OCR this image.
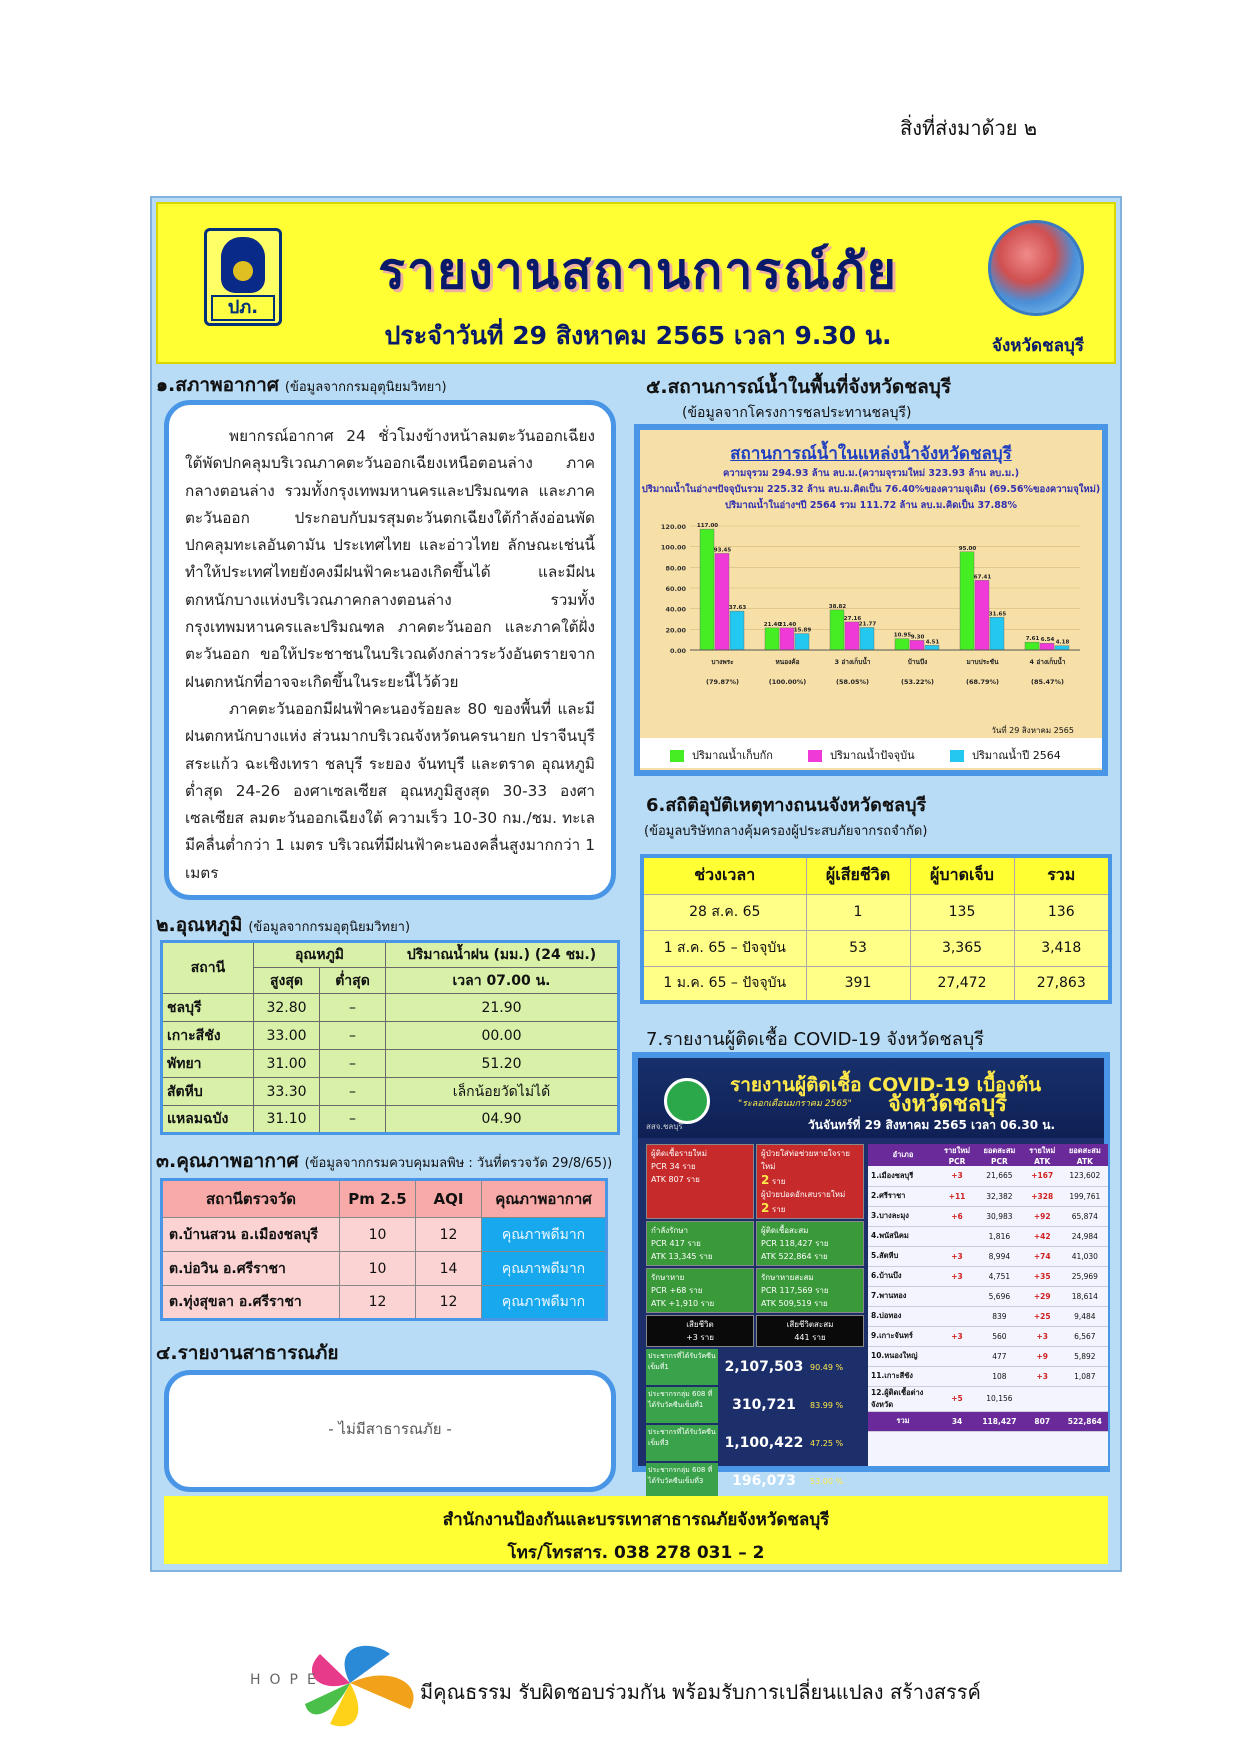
สิ่งที่ส่งมาด้วย ๒
ปภ.
รายงานสถานการณ์ภัย
ประจำวันที่ 29 สิงหาคม 2565 เวลา 9.30 น.	จังหวัดชลบุรี
๑.สภาพอากาศ (ข้อมูลจากกรมอุตุนิยมวิทยา)

พยากรณ์อากาศ 24 ชั่วโมงข้างหน้าลมตะวันออกเฉียงใต้พัดปกคลุมบริเวณภาคตะวันออกเฉียงเหนือตอนล่าง ภาคกลางตอนล่าง รวมทั้งกรุงเทพมหานครและปริมณฑล และภาคตะวันออก ประกอบกับมรสุมตะวันตกเฉียงใต้กำลังอ่อนพัดปกคลุมทะเลอันดามัน ประเทศไทย และอ่าวไทย ลักษณะเช่นนี้ทำให้ประเทศไทยยังคงมีฝนฟ้าคะนองเกิดขึ้นได้ และมีฝนตกหนักบางแห่งบริเวณภาคกลางตอนล่าง รวมทั้งกรุงเทพมหานครและปริมณฑล ภาคตะวันออก และภาคใต้ฝั่งตะวันออก ขอให้ประชาชนในบริเวณดังกล่าวระวังอันตรายจากฝนตกหนักที่อาจจะเกิดขึ้นในระยะนี้ไว้ด้วย

ภาคตะวันออกมีฝนฟ้าคะนองร้อยละ 80 ของพื้นที่ และมีฝนตกหนักบางแห่ง ส่วนมากบริเวณจังหวัดนครนายก ปราจีนบุรี สระแก้ว ฉะเชิงเทรา ชลบุรี ระยอง จันทบุรี และตราด อุณหภูมิต่ำสุด 24-26 องศาเซลเซียส อุณหภูมิสูงสุด 30-33 องศาเซลเซียส ลมตะวันออกเฉียงใต้ ความเร็ว 10-30 กม./ชม. ทะเลมีคลื่นต่ำกว่า 1 เมตร บริเวณที่มีฝนฟ้าคะนองคลื่นสูงมากกว่า 1 เมตร

๒.อุณหภูมิ (ข้อมูลจากกรมอุตุนิยมวิทยา)
สถานี	อุณหภูมิ		ปริมาณน้ำฝน (มม.) (24 ชม.)
	สูงสุด	ต่ำสุด	เวลา 07.00 น.
ชลบุรี	32.80	–	21.90
เกาะสีชัง	33.00	–	00.00
พัทยา	31.00	–	51.20
สัตหีบ	33.30	–	เล็กน้อยวัดไม่ได้
แหลมฉบัง	31.10	–	04.90
๓.คุณภาพอากาศ (ข้อมูลจากกรมควบคุมมลพิษ : วันที่ตรวจวัด 29/8/65))
สถานีตรวจวัด	Pm 2.5	AQI	คุณภาพอากาศ
ต.บ้านสวน อ.เมืองชลบุรี	10	12	คุณภาพดีมาก
ต.บ่อวิน อ.ศรีราชา	10	14	คุณภาพดีมาก
ต.ทุ่งสุขลา อ.ศรีราชา	12	12	คุณภาพดีมาก
๔.รายงานสาธารณภัย
- ไม่มีสาธารณภัย -
๕.สถานการณ์น้ำในพื้นที่จังหวัดชลบุรี
(ข้อมูลจากโครงการชลประทานชลบุรี)
สถานการณ์น้ำในแหล่งน้ำจังหวัดชลบุรี
ความจุรวม 294.93 ล้าน ลบ.ม.(ความจุรวมใหม่ 323.93 ล้าน ลบ.ม.)
ปริมาณน้ำในอ่างฯปัจจุบันรวม 225.32 ล้าน ลบ.ม.คิดเป็น 76.40%ของความจุเดิม (69.56%ของความจุใหม่)
ปริมาณน้ำในอ่างฯปี 2564 รวม 111.72 ล้าน ลบ.ม.คิดเป็น 37.88%
0.00
20.00
40.00
60.00
80.00
100.00
120.00 117.00
93.45
37.63
บางพระ
(79.87%)
21.40
21.40
15.89
หนองค้อ
(100.00%)
38.82
27.16
21.77
3 อ่างเก็บน้ำ
(58.05%)
10.95 9.30
4.51
บ้านบึง
(53.22%)
95.00
67.41
31.65
มาบประชัน
(68.79%)
7.61 6.54 4.18
4 อ่างเก็บน้ำ
(85.47%)
วันที่ 29 สิงหาคม 2565
ปริมาณน้ำเก็บกัก	ปริมาณน้ำปัจจุบัน	ปริมาณน้ำปี 2564
6.สถิติอุบัติเหตุทางถนนจังหวัดชลบุรี
(ข้อมูลบริษัทกลางคุ้มครองผู้ประสบภัยจากรถจำกัด)
ช่วงเวลา	ผู้เสียชีวิต	ผู้บาดเจ็บ	รวม
28 ส.ค. 65	1	135	136
1 ส.ค. 65 – ปัจจุบัน	53	3,365	3,418
1 ม.ค. 65 – ปัจจุบัน	391	27,472	27,863
7.รายงานผู้ติดเชื้อ COVID-19 จังหวัดชลบุรี
รายงานผู้ติดเชื้อ COVID-19 เบื้องต้น
"ระลอกเดือนมกราคม 2565" จังหวัดชลบุรี
วันจันทร์ที่ 29 สิงหาคม 2565 เวลา 06.30 น.
สสจ.ชลบุรี
ผู้ติดเชื้อรายใหม่
PCR 34 ราย
ATK 807 ราย
ผู้ป่วยใส่ท่อช่วยหายใจรายใหม่
2 ราย
ผู้ป่วยปอดอักเสบรายใหม่
2 ราย
กำลังรักษา
PCR 417 ราย
ATK 13,345 ราย
ผู้ติดเชื้อสะสม
PCR 118,427 ราย
ATK 522,864 ราย
รักษาหาย
PCR +68 ราย
ATK +1,910 ราย
รักษาหายสะสม
PCR 117,569 ราย
ATK 509,519 ราย
เสียชีวิต
+3 ราย
เสียชีวิตสะสม
441 ราย
ประชากรที่ได้รับวัคซีนเข็มที่1	2,107,503 90.49 %
ประชากรกลุ่ม 608 ที่ได้รับวัคซีนเข็มที่1	310,721	83.99 %
ประชากรที่ได้รับวัคซีนเข็มที่3	1,100,422 47.25 %
ประชากรกลุ่ม 608 ที่ได้รับวัคซีนเข็มที่3	196,073	53.00 %
อำเภอ	รายใหม่ PCR	ยอดสะสม PCR	รายใหม่ ATK	ยอดสะสม ATK
1.เมืองชลบุรี	+3	21,665	+167	123,602
2.ศรีราชา	+11	32,382	+328	199,761
3.บางละมุง	+6	30,983	+92	65,874
4.พนัสนิคม		1,816	+42	24,984
5.สัตหีบ	+3	8,994	+74	41,030
6.บ้านบึง	+3	4,751	+35	25,969
7.พานทอง		5,696	+29	18,614
8.บ่อทอง		839	+25	9,484
9.เกาะจันทร์	+3	560	+3	6,567
10.หนองใหญ่		477	+9	5,892
11.เกาะสีชัง		108	+3	1,087
12.ผู้ติดเชื้อต่างจังหวัด	+5	10,156		
รวม	34	118,427	807	522,864
สำนักงานป้องกันและบรรเทาสาธารณภัยจังหวัดชลบุรี
โทร/โทรสาร. 038 278 031 – 2
HOPE	มีคุณธรรม รับผิดชอบร่วมกัน พร้อมรับการเปลี่ยนแปลง สร้างสรรค์
